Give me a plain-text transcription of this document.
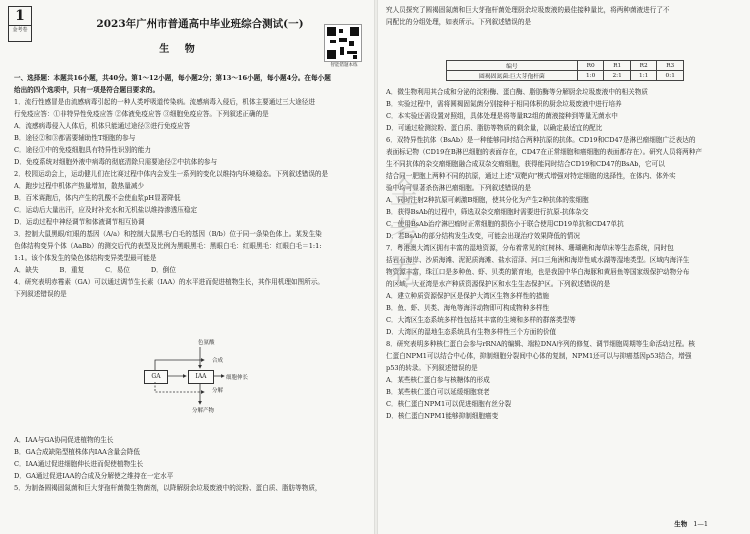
1
金考卷	2023年广州市普通高中毕业班综合测试(一)
生 物
智能错题本练

一、选择题：本题共16小题，共40分。第1～12小题，每小题2分；第13～16小题，每小题4分。在每小题

给出的四个选项中，只有一项是符合题目要求的。

1．流行性感冒是由流感病毒引起的一种人类呼吸道传染病。流感病毒入侵后，机体主要通过三大途径进

行免疫应答：①非特异性免疫应答 ②体液免疫应答 ③细胞免疫应答。下列叙述正确的是

A．流感病毒侵入人体后，机体只能通过途径③进行免疫应答

B．途径②和③都需要辅助性T细胞的参与

C．途径①中的免疫细胞具有特异性识别的能力

D．免疫系统对细胞外液中病毒的彻底清除只需要途径②中抗体的参与

2．校园运动会上，运动健儿们在比赛过程中体内会发生一系列的变化以维持内环境稳态。下列叙述错误的是

A．跑步过程中机体产热量增加，散热量减少

B．百米赛跑后，体内产生的乳酸不会使血浆pH显著降低

C．运动后大量出汗，应及时补充水和无机盐以维持渗透压稳定

D．运动过程中神经调节和体液调节相互协调

3．控制大鼠黑眼/红眼的基因（A/a）和控制大鼠黑毛/白毛的基因（B/b）位于同一条染色体上。某发生染

色体结构变异个体（AaBb）的测交后代的表型及比例为黑眼黑毛：黑眼白毛：红眼黑毛：红眼白毛＝1:1:

1:1。该个体发生的染色体结构变异类型最可能是

A．缺失          B．重复          C．易位          D．倒位

4．研究表明赤霉素（GA）可以通过调节生长素（IAA）的水平进而促进植物生长，其作用机理如图所示。

下列叙述错误的是

色氨酸
合成
GA	IAA	细胞伸长
分解
分解产物

A．IAA与GA协同促进植物的生长

B．GA合成缺陷型植株体内IAA含量会降低

C．IAA通过促进细胞伸长进而促使植物生长

D．GA通过促进IAA的合成及分解使之维持在一定水平

5．为制备圆褐固氮菌和巨大芽孢杆菌微生物菌剂，以降解厨余垃圾废液中的淀粉、蛋白质、脂肪等物质，

究人员探究了圆褐固氮菌和巨大芽孢杆菌处理厨余垃圾废液的最佳接种量比，将两种菌液进行了不

同配比的分组处理，如表所示。下列叙述错误的是

编号	R0	R1	R2	R3
圆褐固氮菌:巨大芽孢杆菌	1:0	2:1	1:1	0:1

A．微生物利用其合成和分泌的淀粉酶、蛋白酶、脂肪酶等分解厨余垃圾废液中的相关物质

B．实验过程中，需将圆褐固氮菌分别接种于相同体积的厨余垃圾废液中进行培养

C．本实验还需设置对照组，具体处理是将等量R2组的菌液接种到等量无菌水中

D．可通过检测淀粉、蛋白质、脂肪等物质的剩余量，以确定最适宜的配比

6．双特异性抗体（BsAb）是一种能够同时结合两种抗原的抗体。CD19和CD47是淋巴瘤细胞广泛表达的

表面标记物（CD19在B淋巴细胞的表面存在，CD47在正常细胞和癌细胞的表面都存在）。研究人员将两种产

生不同抗体的杂交瘤细胞融合成双杂交瘤细胞，获得能同时结合CD19和CD47的BsAb，它可以

结合同一肥胞上两种不同的抗原，通过上述"双靶向"模式增强对特定细胞的选择性，在体内、体外实

验中均可显著杀伤淋巴瘤细胞。下列叙述错误的是

A．同时注射2种抗原可刺激B细胞，使其分化为产生2种抗体的浆细胞

B．获得BsAb的过程中，筛选双杂交瘤细胞时需要进行抗原-抗体杂交

C．使用BsAb治疗淋巴瘤时正常细胞的损伤小于联合使用CD19单抗和CD47单抗

D．若BsAb的部分结构发生改变，可能会出现治疗效果降低的情况

7．粤港澳大湾区拥有丰富的湿地资源，分布着常见的红树林、珊瑚礁和海草床等生态系统，同时包

括岩石海岸、沙质海滩、泥泥质海滩、盐水沼泽、河口三角洲和海岸性咸水湖等湿地类型。区域内海洋生

物资源丰富，珠江口是多种鱼、虾、贝类的繁育地，也是我国中华白海豚和黄唇鱼等国家级保护动物分布

的区域，大亚湾是水产种质资源保护区和水生生态保护区。下列叙述错误的是

A．建立种质资源保护区是保护大湾区生物多样性的措施

B．鱼、虾、贝类、海龟等海洋动物即可构成物种多样性

C．大湾区生态系统多样性包括其丰富的生境和多样的群落类型等

D．大湾区的湿地生态系统具有生物多样性三个方面的价值

8．研究表明多种核仁蛋白会参与rRNA的编辑、端粒DNA序列的修复、调节细胞周期等生命活动过程。核

仁蛋白NPM1可以结合中心体，抑制细胞分裂间中心体的复制，NPM1还可以与抑癌基因p53结合，增强

p53的转录。下列叙述错误的是

A．某些核仁蛋白参与核糖体的形成

B．某些核仁蛋白可以延缓细胞衰老

C．核仁蛋白NPM1可以促进细胞有丝分裂

D．核仁蛋白NPM1能够抑制细胞癌变

金考卷
生物 1—1
